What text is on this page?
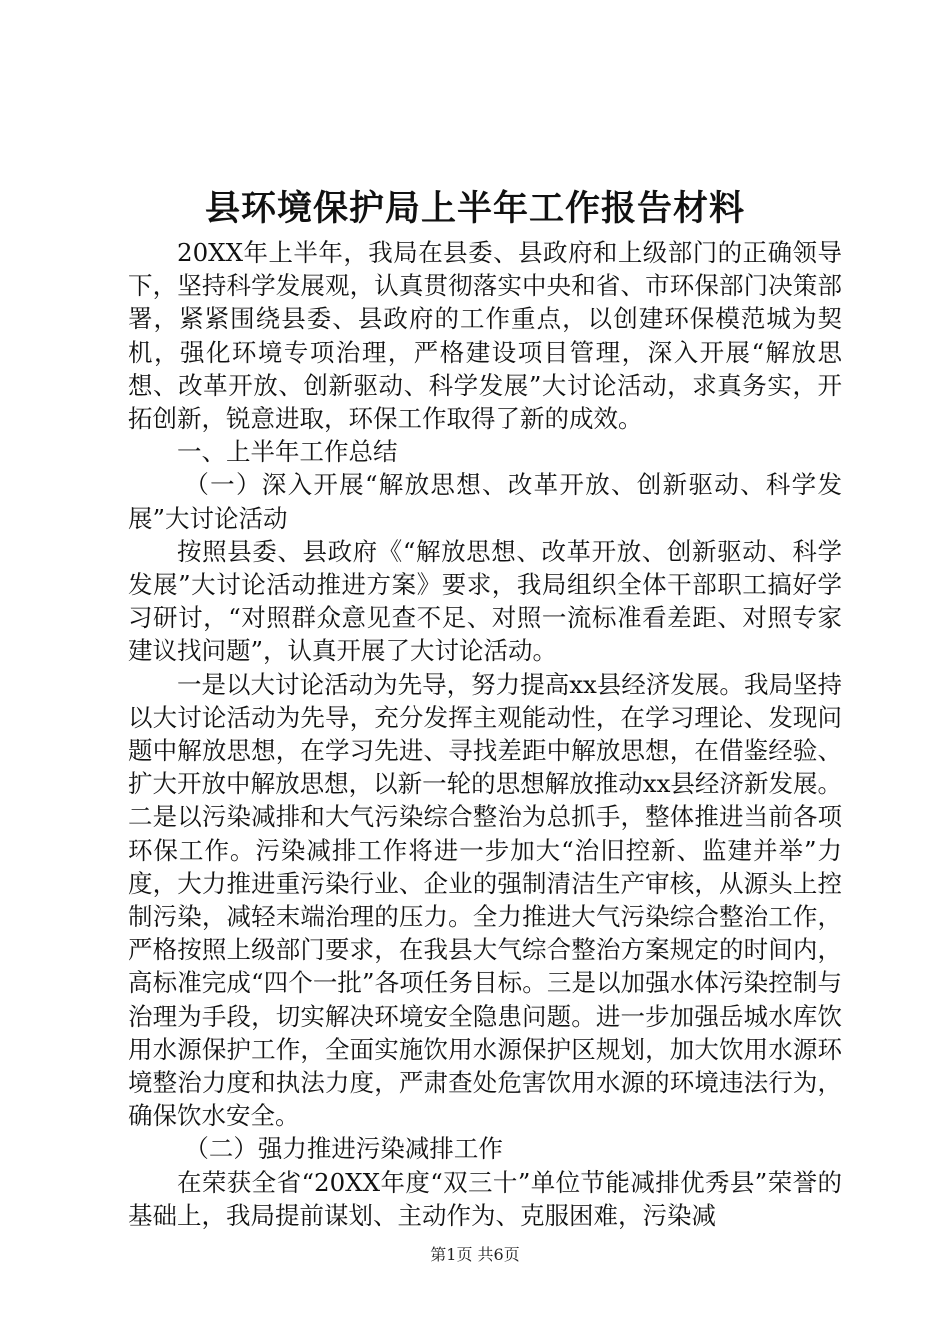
县环境保护局上半年工作报告材料

20XX年上半年，我局在县委、县政府和上级部门的正确领导下，坚持科学发展观，认真贯彻落实中央和省、市环保部门决策部署，紧紧围绕县委、县政府的工作重点，以创建环保模范城为契机，强化环境专项治理，严格建设项目管理，深入开展“解放思想、改革开放、创新驱动、科学发展”大讨论活动，求真务实，开拓创新，锐意进取，环保工作取得了新的成效。

一、上半年工作总结

（一）深入开展“解放思想、改革开放、创新驱动、科学发展”大讨论活动

按照县委、县政府《“解放思想、改革开放、创新驱动、科学发展”大讨论活动推进方案》要求，我局组织全体干部职工搞好学习研讨，“对照群众意见查不足、对照一流标准看差距、对照专家建议找问题”，认真开展了大讨论活动。

一是以大讨论活动为先导，努力提高xx县经济发展。我局坚持以大讨论活动为先导，充分发挥主观能动性，在学习理论、发现问题中解放思想，在学习先进、寻找差距中解放思想，在借鉴经验、扩大开放中解放思想，以新一轮的思想解放推动xx县经济新发展。二是以污染减排和大气污染综合整治为总抓手，整体推进当前各项环保工作。污染减排工作将进一步加大“治旧控新、监建并举”力度，大力推进重污染行业、企业的强制清洁生产审核，从源头上控制污染，减轻末端治理的压力。全力推进大气污染综合整治工作，严格按照上级部门要求，在我县大气综合整治方案规定的时间内，高标准完成“四个一批”各项任务目标。三是以加强水体污染控制与治理为手段，切实解决环境安全隐患问题。进一步加强岳城水库饮用水源保护工作，全面实施饮用水源保护区规划，加大饮用水源环境整治力度和执法力度，严肃查处危害饮用水源的环境违法行为，确保饮水安全。

（二）强力推进污染减排工作

在荣获全省“20XX年度“双三十”单位节能减排优秀县”荣誉的基础上，我局提前谋划、主动作为、克服困难，污染减

第1页 共6页
